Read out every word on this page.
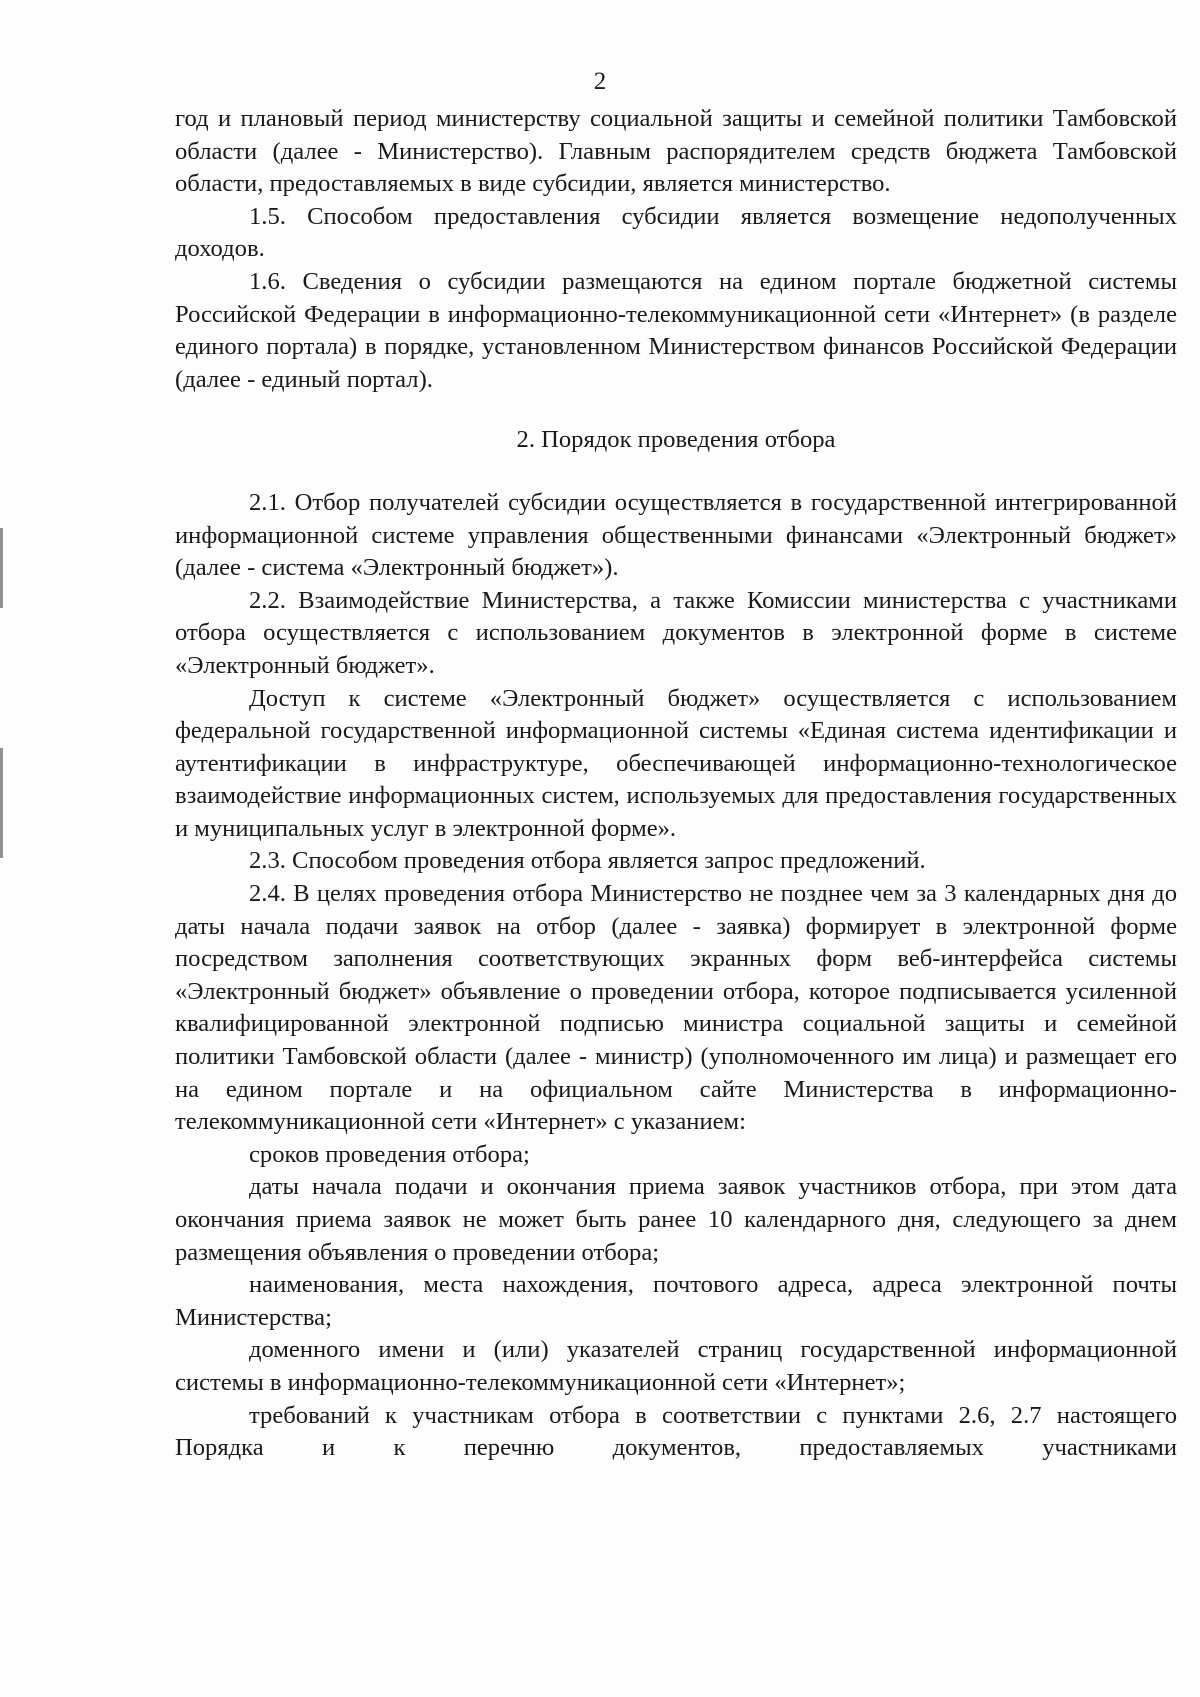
2

год и плановый период министерству социальной защиты и семейной политики Тамбовской области (далее - Министерство). Главным распорядителем средств бюджета Тамбовской области, предоставляемых в виде субсидии, является министерство.

1.5. Способом предоставления субсидии является возмещение недополученных доходов.

1.6. Сведения о субсидии размещаются на едином портале бюджетной системы Российской Федерации в информационно-телекоммуникационной сети «Интернет» (в разделе единого портала) в порядке, установленном Министерством финансов Российской Федерации (далее - единый портал).

2. Порядок проведения отбора

2.1. Отбор получателей субсидии осуществляется в государственной интегрированной информационной системе управления общественными финансами «Электронный бюджет» (далее - система «Электронный бюджет»).

2.2. Взаимодействие Министерства, а также Комиссии министерства с участниками отбора осуществляется с использованием документов в электронной форме в системе «Электронный бюджет».

Доступ к системе «Электронный бюджет» осуществляется с использованием федеральной государственной информационной системы «Единая система идентификации и аутентификации в инфраструктуре, обеспечивающей информационно-технологическое взаимодействие информационных систем, используемых для предоставления государственных и муниципальных услуг в электронной форме».

2.3. Способом проведения отбора является запрос предложений.

2.4. В целях проведения отбора Министерство не позднее чем за 3 календарных дня до даты начала подачи заявок на отбор (далее - заявка) формирует в электронной форме посредством заполнения соответствующих экранных форм веб-интерфейса системы «Электронный бюджет» объявление о проведении отбора, которое подписывается усиленной квалифицированной электронной подписью министра социальной защиты и семейной политики Тамбовской области (далее - министр) (уполномоченного им лица) и размещает его на едином портале и на официальном сайте Министерства в информационно-телекоммуникационной сети «Интернет» с указанием:

сроков проведения отбора;

даты начала подачи и окончания приема заявок участников отбора, при этом дата окончания приема заявок не может быть ранее 10 календарного дня, следующего за днем размещения объявления о проведении отбора;

наименования, места нахождения, почтового адреса, адреса электронной почты Министерства;

доменного имени и (или) указателей страниц государственной информационной системы в информационно-телекоммуникационной сети «Интернет»;

требований к участникам отбора в соответствии с пунктами 2.6, 2.7 настоящего Порядка и к перечню документов, предоставляемых участниками
